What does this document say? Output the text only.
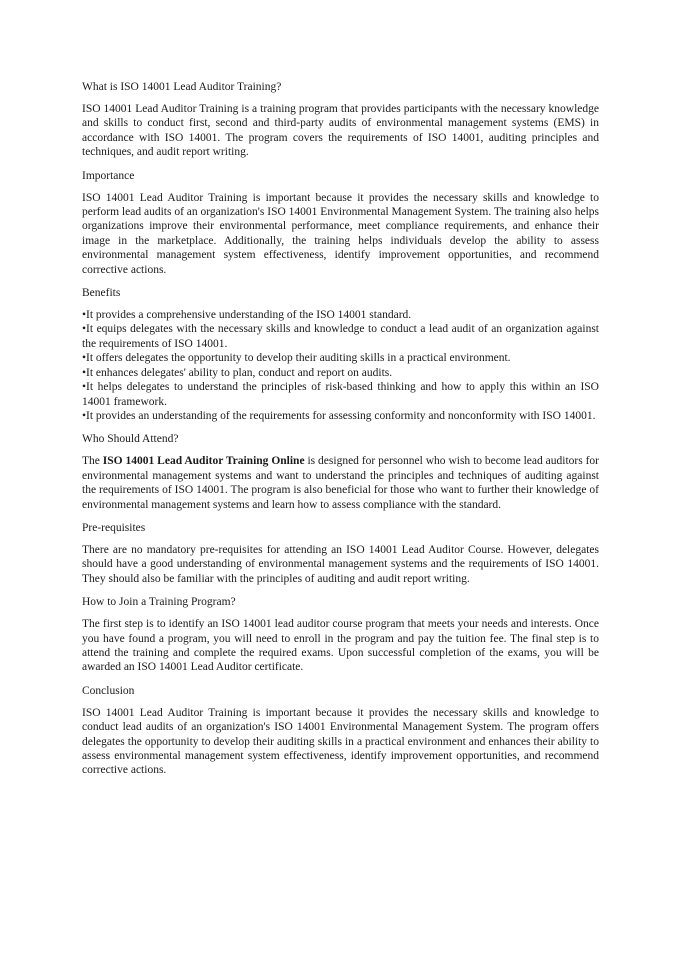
What is ISO 14001 Lead Auditor Training?
ISO 14001 Lead Auditor Training is a training program that provides participants with the necessary knowledge and skills to conduct first, second and third-party audits of environmental management systems (EMS) in accordance with ISO 14001. The program covers the requirements of ISO 14001, auditing principles and techniques, and audit report writing.
Importance
ISO 14001 Lead Auditor Training is important because it provides the necessary skills and knowledge to perform lead audits of an organization's ISO 14001 Environmental Management System. The training also helps organizations improve their environmental performance, meet compliance requirements, and enhance their image in the marketplace. Additionally, the training helps individuals develop the ability to assess environmental management system effectiveness, identify improvement opportunities, and recommend corrective actions.
Benefits
•It provides a comprehensive understanding of the ISO 14001 standard.
•It equips delegates with the necessary skills and knowledge to conduct a lead audit of an organization against the requirements of ISO 14001.
•It offers delegates the opportunity to develop their auditing skills in a practical environment.
•It enhances delegates' ability to plan, conduct and report on audits.
•It helps delegates to understand the principles of risk-based thinking and how to apply this within an ISO 14001 framework.
•It provides an understanding of the requirements for assessing conformity and nonconformity with ISO 14001.
Who Should Attend?
The ISO 14001 Lead Auditor Training Online is designed for personnel who wish to become lead auditors for environmental management systems and want to understand the principles and techniques of auditing against the requirements of ISO 14001. The program is also beneficial for those who want to further their knowledge of environmental management systems and learn how to assess compliance with the standard.
Pre-requisites
There are no mandatory pre-requisites for attending an ISO 14001 Lead Auditor Course. However, delegates should have a good understanding of environmental management systems and the requirements of ISO 14001. They should also be familiar with the principles of auditing and audit report writing.
How to Join a Training Program?
The first step is to identify an ISO 14001 lead auditor course program that meets your needs and interests. Once you have found a program, you will need to enroll in the program and pay the tuition fee. The final step is to attend the training and complete the required exams. Upon successful completion of the exams, you will be awarded an ISO 14001 Lead Auditor certificate.
Conclusion
ISO 14001 Lead Auditor Training is important because it provides the necessary skills and knowledge to conduct lead audits of an organization's ISO 14001 Environmental Management System. The program offers delegates the opportunity to develop their auditing skills in a practical environment and enhances their ability to assess environmental management system effectiveness, identify improvement opportunities, and recommend corrective actions.
